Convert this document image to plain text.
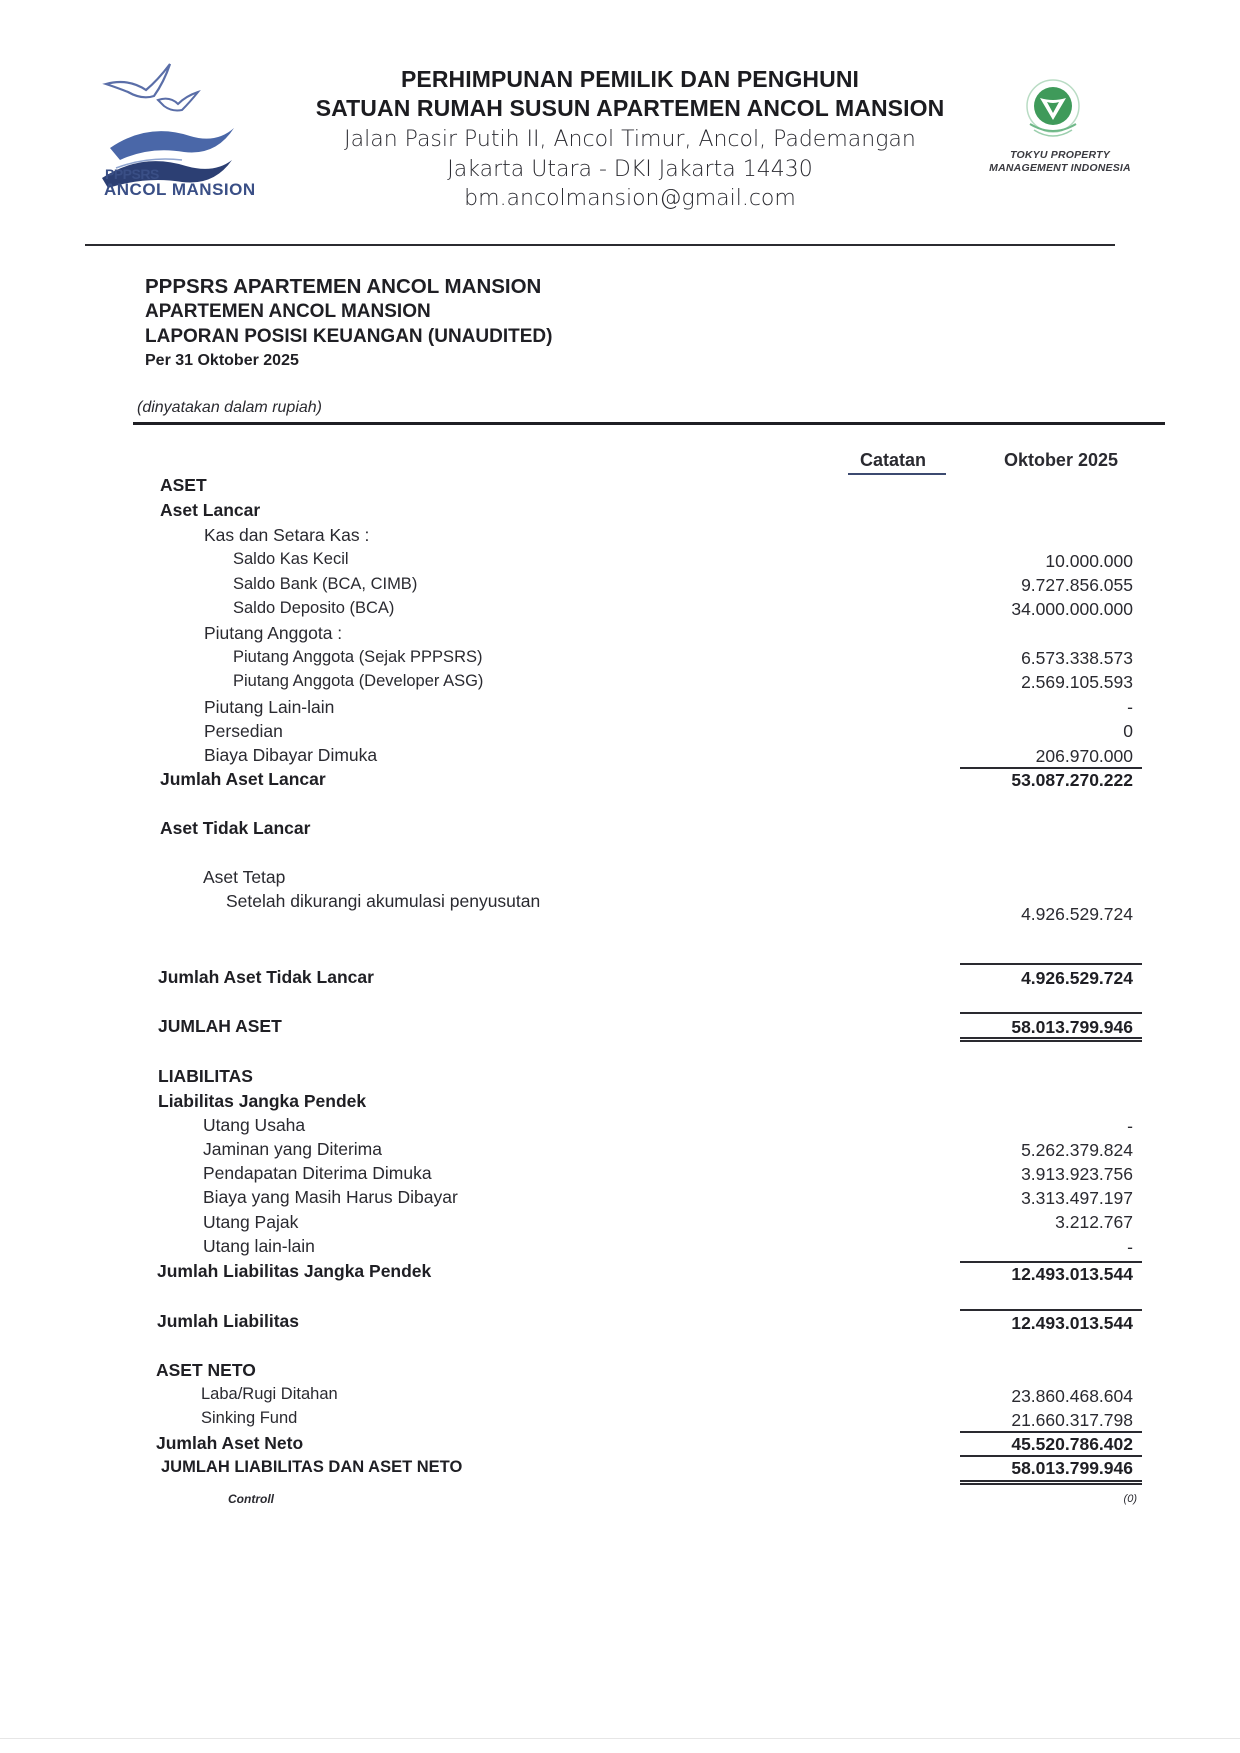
PPPSRS
ANCOL MANSION
PERHIMPUNAN PEMILIK DAN PENGHUNI
SATUAN RUMAH SUSUN APARTEMEN ANCOL MANSION
Jalan Pasir Putih II, Ancol Timur, Ancol, Pademangan
Jakarta Utara - DKI Jakarta 14430
bm.ancolmansion@gmail.com
TOKYU PROPERTY
MANAGEMENT INDONESIA
PPPSRS APARTEMEN ANCOL MANSION
APARTEMEN ANCOL MANSION
LAPORAN POSISI KEUANGAN (UNAUDITED)
Per 31 Oktober 2025
(dinyatakan dalam rupiah)
Catatan	Oktober 2025
ASET
Aset Lancar
Kas dan Setara Kas :
Saldo Kas Kecil	10.000.000
Saldo Bank (BCA, CIMB)	9.727.856.055
Saldo Deposito (BCA)	34.000.000.000
Piutang Anggota :
Piutang Anggota (Sejak PPPSRS)	6.573.338.573
Piutang Anggota (Developer ASG)	2.569.105.593
Piutang Lain-lain	-
Persedian	0
Biaya Dibayar Dimuka	206.970.000
Jumlah Aset Lancar	53.087.270.222
Aset Tidak Lancar
Aset Tetap
Setelah dikurangi akumulasi penyusutan
4.926.529.724
Jumlah Aset Tidak Lancar	4.926.529.724
JUMLAH ASET	58.013.799.946
LIABILITAS
Liabilitas Jangka Pendek
Utang Usaha	-
Jaminan yang Diterima	5.262.379.824
Pendapatan Diterima Dimuka	3.913.923.756
Biaya yang Masih Harus Dibayar	3.313.497.197
Utang Pajak	3.212.767
Utang lain-lain	-
Jumlah Liabilitas Jangka Pendek	12.493.013.544
Jumlah Liabilitas	12.493.013.544
ASET NETO
Laba/Rugi Ditahan	23.860.468.604
Sinking Fund	21.660.317.798
Jumlah Aset Neto	45.520.786.402
JUMLAH LIABILITAS DAN ASET NETO	58.013.799.946
Controll	(0)
